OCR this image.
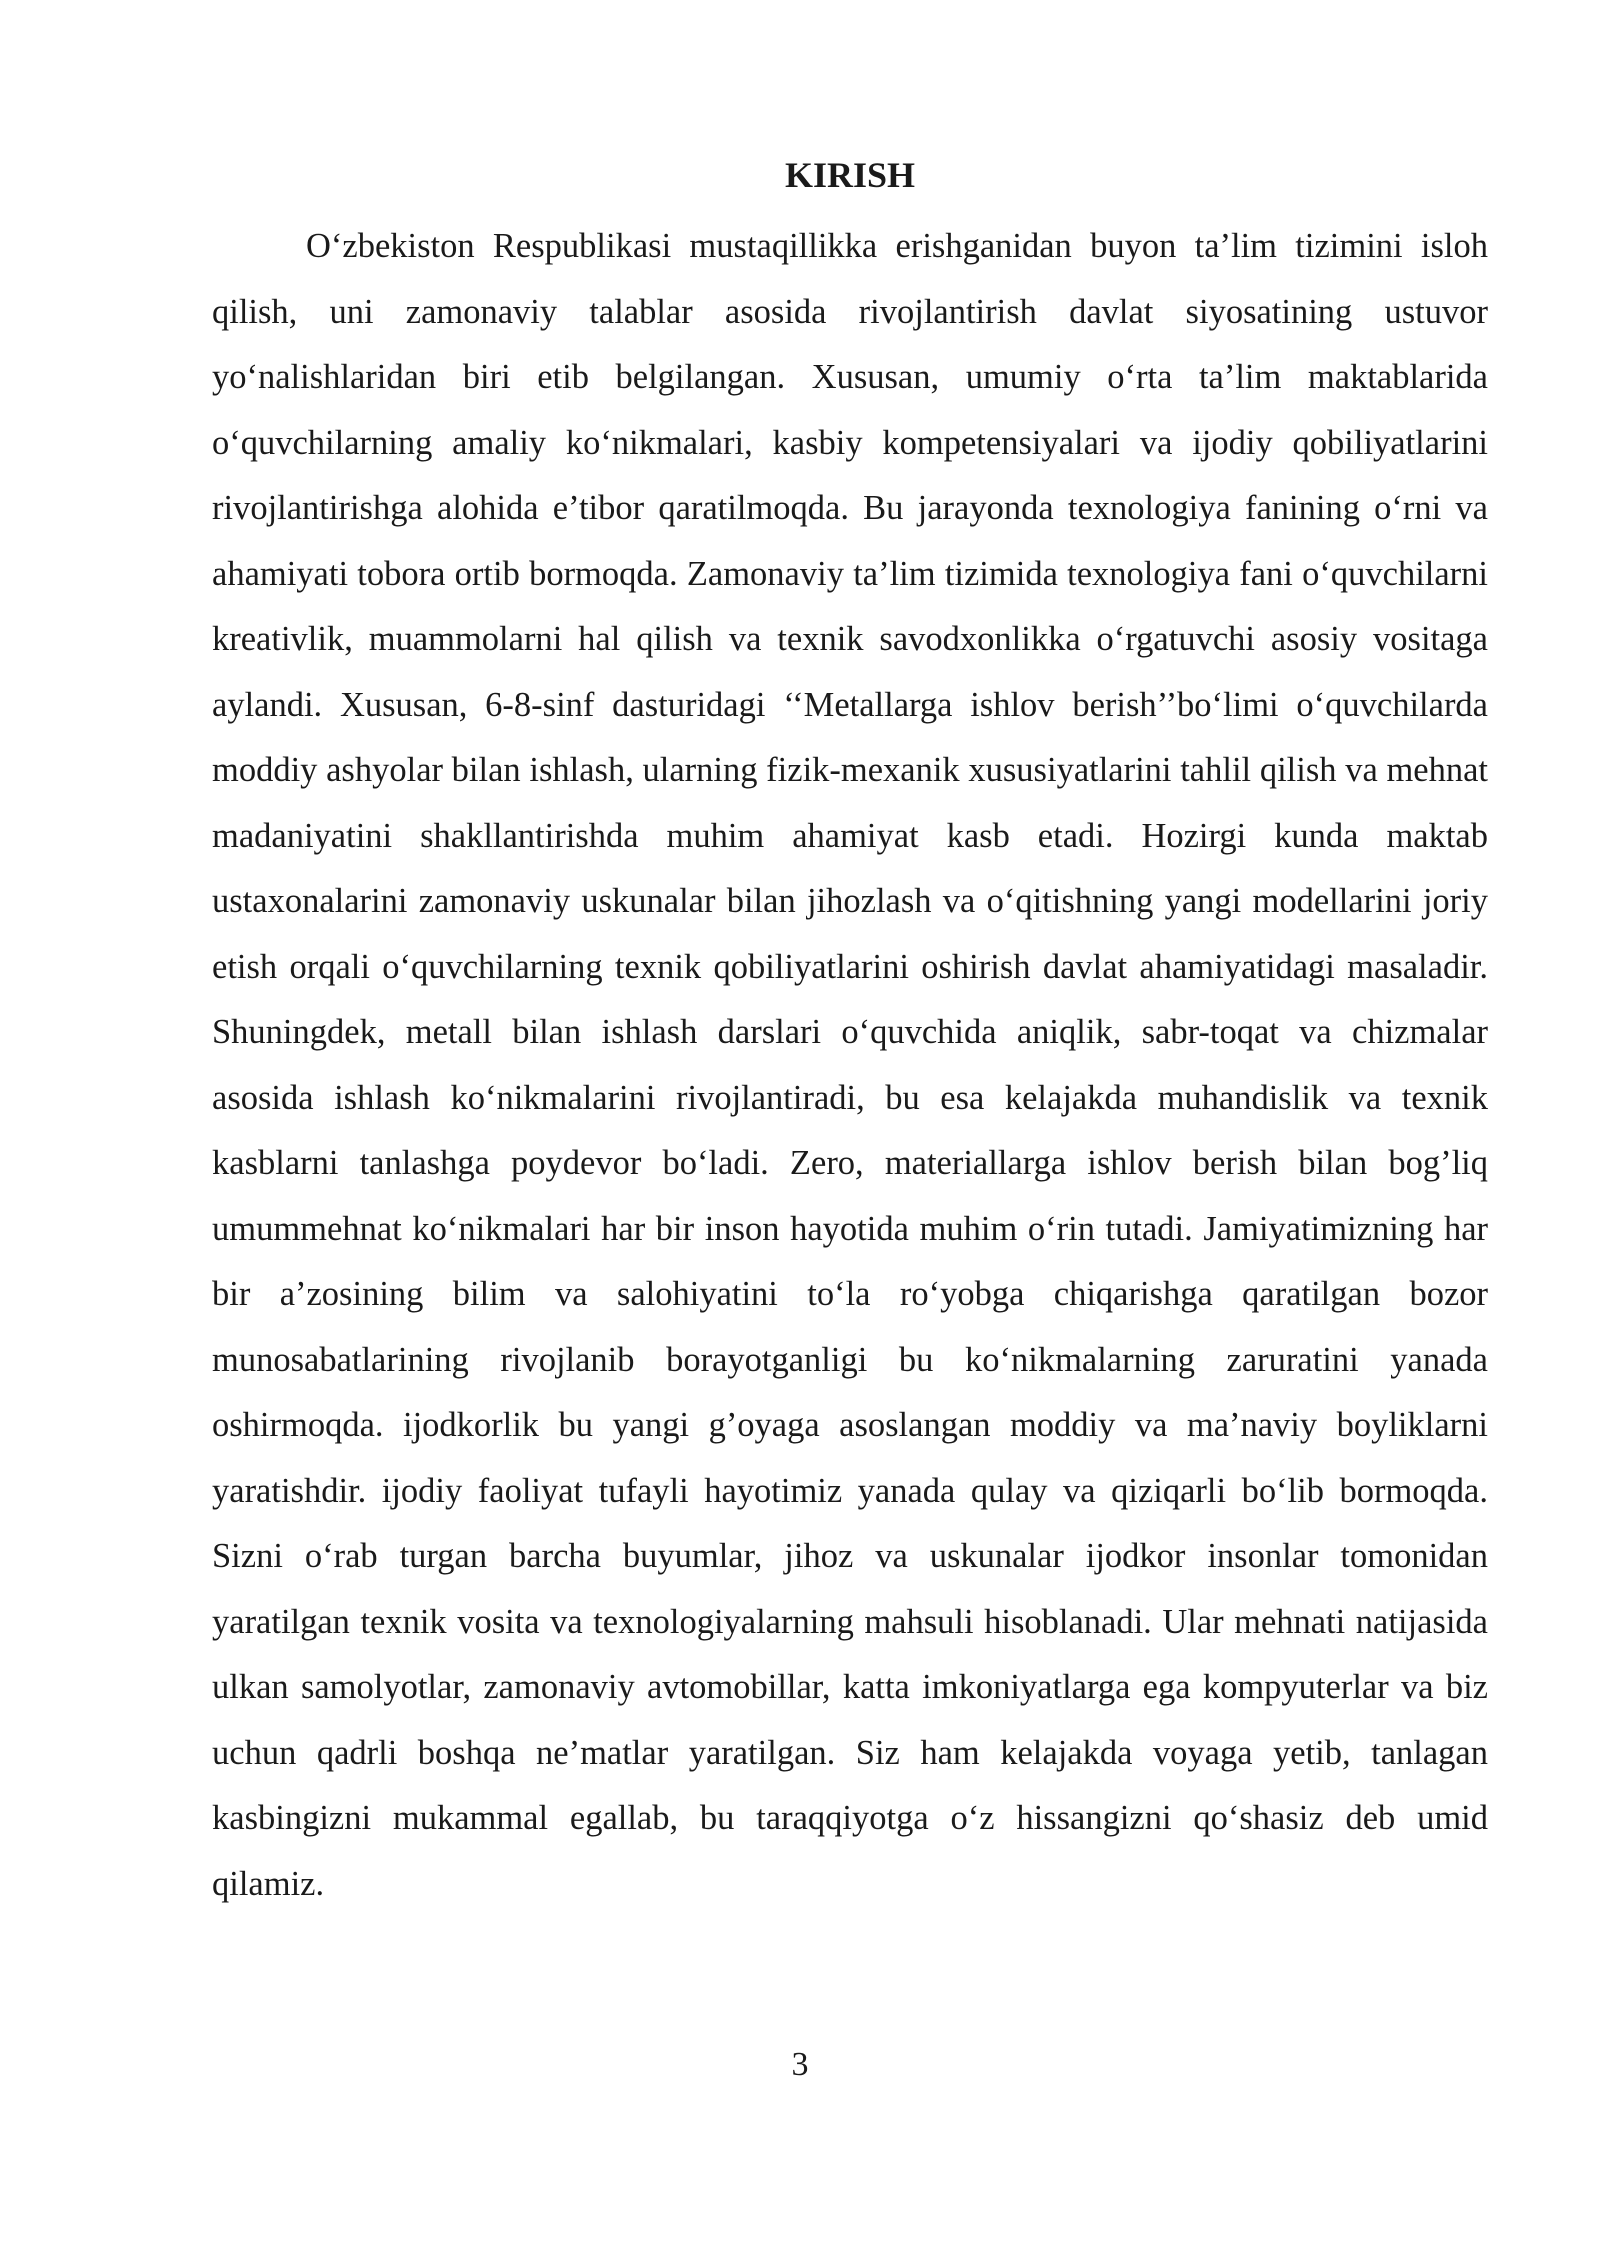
KIRISH

O‘zbekiston Respublikasi mustaqillikka erishganidan buyon ta’lim tizimini isloh qilish, uni zamonaviy talablar asosida rivojlantirish davlat siyosatining ustuvor yo‘nalishlaridan biri etib belgilangan. Xususan, umumiy o‘rta ta’lim maktablarida o‘quvchilarning amaliy ko‘nikmalari, kasbiy kompetensiyalari va ijodiy qobiliyatlarini rivojlantirishga alohida e’tibor qaratilmoqda. Bu jarayonda texnologiya fanining o‘rni va ahamiyati tobora ortib bormoqda. Zamonaviy ta’lim tizimida texnologiya fani o‘quvchilarni kreativlik, muammolarni hal qilish va texnik savodxonlikka o‘rgatuvchi asosiy vositaga aylandi. Xususan, 6-8-sinf dasturidagi ‘‘Metallarga ishlov berish’’bo‘limi o‘quvchilarda moddiy ashyolar bilan ishlash, ularning fizik-mexanik xususiyatlarini tahlil qilish va mehnat madaniyatini shakllantirishda muhim ahamiyat kasb etadi. Hozirgi kunda maktab ustaxonalarini zamonaviy uskunalar bilan jihozlash va o‘qitishning yangi modellarini joriy etish orqali o‘quvchilarning texnik qobiliyatlarini oshirish davlat ahamiyatidagi masaladir. Shuningdek, metall bilan ishlash darslari o‘quvchida aniqlik, sabr-toqat va chizmalar asosida ishlash ko‘nikmalarini rivojlantiradi, bu esa kelajakda muhandislik va texnik kasblarni tanlashga poydevor bo‘ladi. Zero, materiallarga ishlov berish bilan bog’liq umummehnat ko‘nikmalari har bir inson hayotida muhim o‘rin tutadi. Jamiyatimizning har bir a’zosining bilim va salohiyatini to‘la ro‘yobga chiqarishga qaratilgan bozor munosabatlarining rivojlanib borayotganligi bu ko‘nikmalarning zaruratini yanada oshirmoqda. ijodkorlik bu yangi g’oyaga asoslangan moddiy va ma’naviy boyliklarni yaratishdir. ijodiy faoliyat tufayli hayotimiz yanada qulay va qiziqarli bo‘lib bormoqda. Sizni o‘rab turgan barcha buyumlar, jihoz va uskunalar ijodkor insonlar tomonidan yaratilgan texnik vosita va texnologiyalarning mahsuli hisoblanadi. Ular mehnati natijasida ulkan samolyotlar, zamonaviy avtomobillar, katta imkoniyatlarga ega kompyuterlar va biz uchun qadrli boshqa ne’matlar yaratilgan. Siz ham kelajakda voyaga yetib, tanlagan kasbingizni mukammal egallab, bu taraqqiyotga o‘z hissangizni qo‘shasiz deb umid qilamiz.

3
